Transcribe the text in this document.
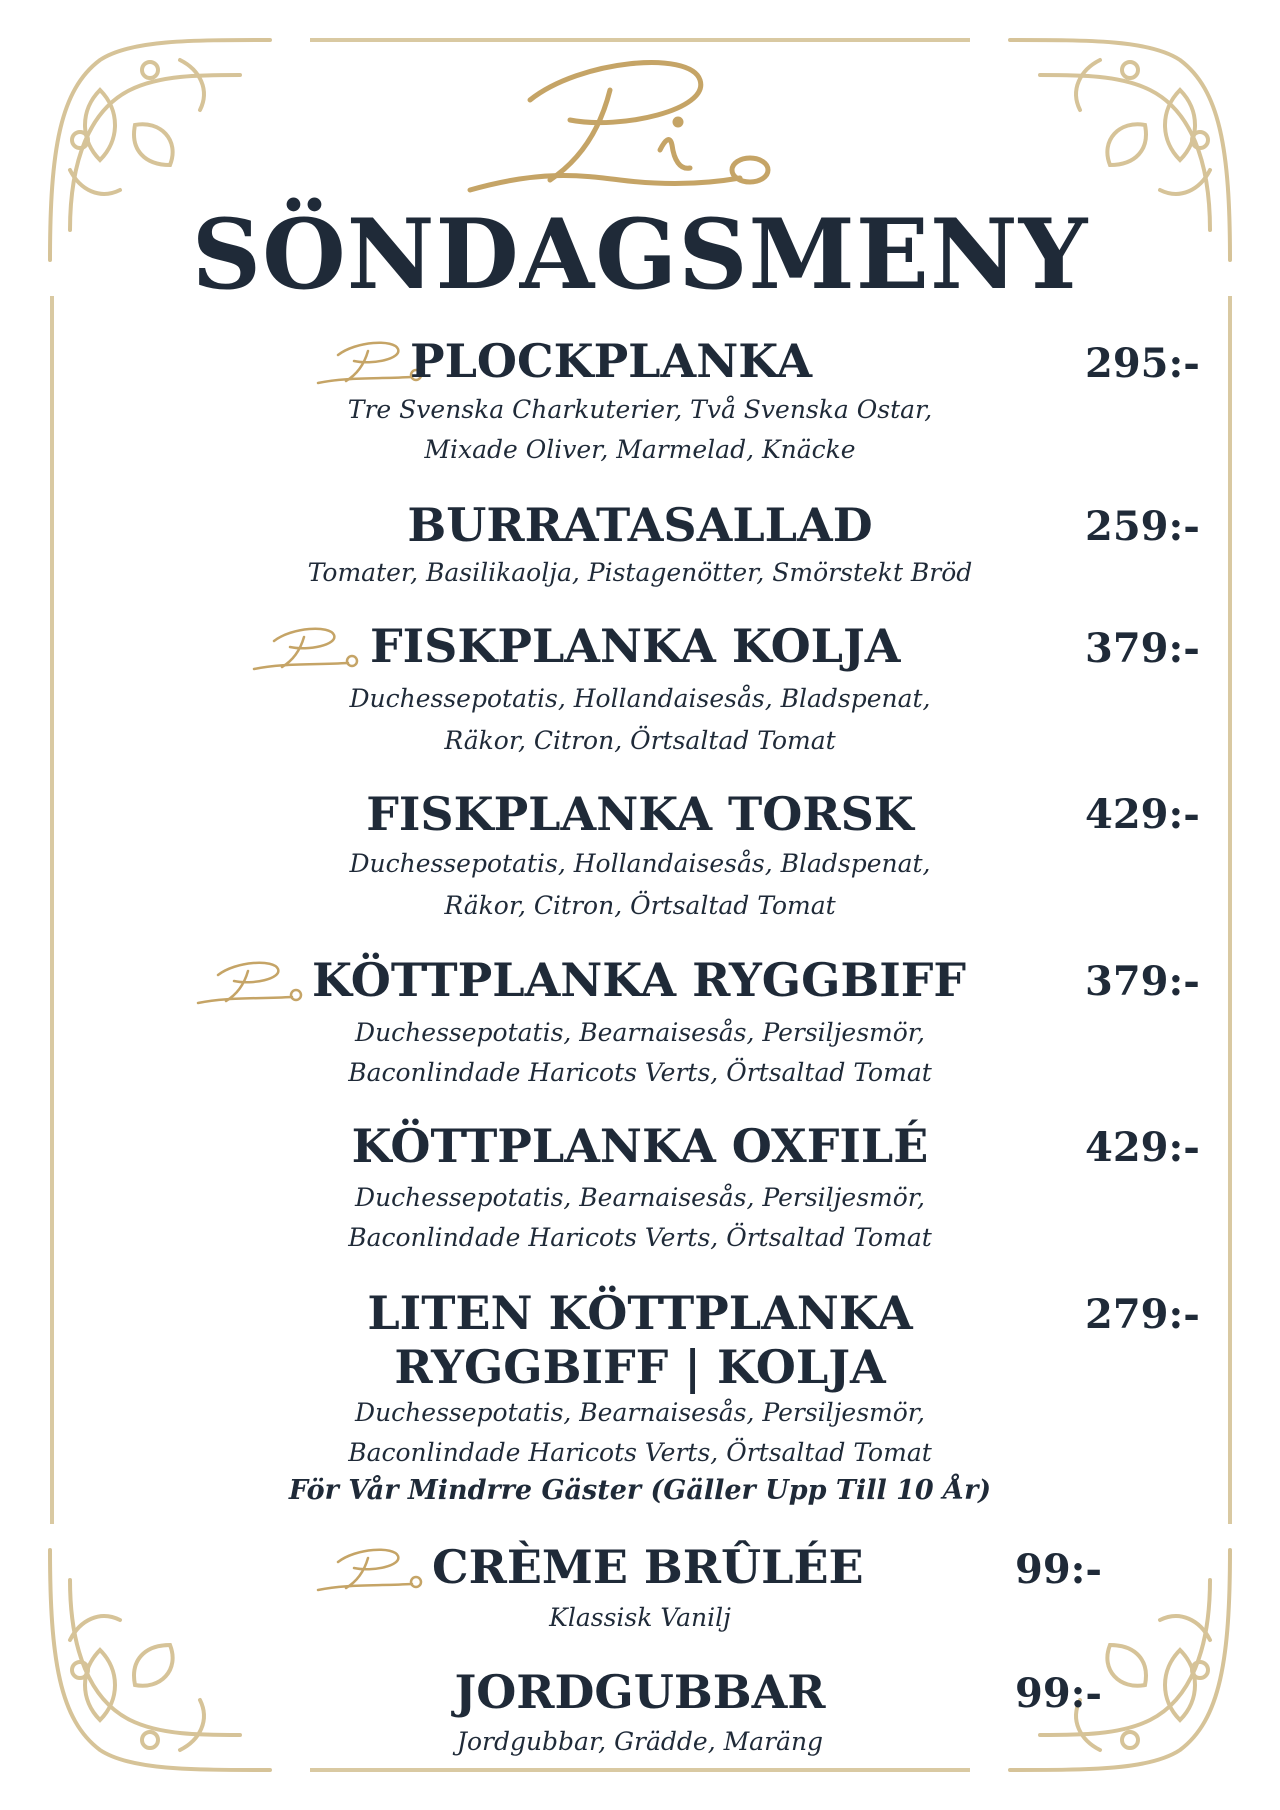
SÖNDAGSMENY
PLOCKPLANKA	295:-
Tre Svenska Charkuterier, Två Svenska Ostar,
Mixade Oliver, Marmelad, Knäcke
BURRATASALLAD	259:-
Tomater, Basilikaolja, Pistagenötter, Smörstekt Bröd
FISKPLANKA KOLJA	379:-
Duchessepotatis, Hollandaisesås, Bladspenat,
Räkor, Citron, Örtsaltad Tomat
FISKPLANKA TORSK	429:-
Duchessepotatis, Hollandaisesås, Bladspenat,
Räkor, Citron, Örtsaltad Tomat
KÖTTPLANKA RYGGBIFF	379:-
Duchessepotatis, Bearnaisesås, Persiljesmör,
Baconlindade Haricots Verts, Örtsaltad Tomat
KÖTTPLANKA OXFILÉ	429:-
Duchessepotatis, Bearnaisesås, Persiljesmör,
Baconlindade Haricots Verts, Örtsaltad Tomat
LITEN KÖTTPLANKA
RYGGBIFF | KOLJA
279:-
Duchessepotatis, Bearnaisesås, Persiljesmör,
Baconlindade Haricots Verts, Örtsaltad Tomat
För Vår Mindrre Gäster (Gäller Upp Till 10 År)
CRÈME BRÛLÉE	99:-
Klassisk Vanilj
JORDGUBBAR	99:-
Jordgubbar, Grädde, Maräng
